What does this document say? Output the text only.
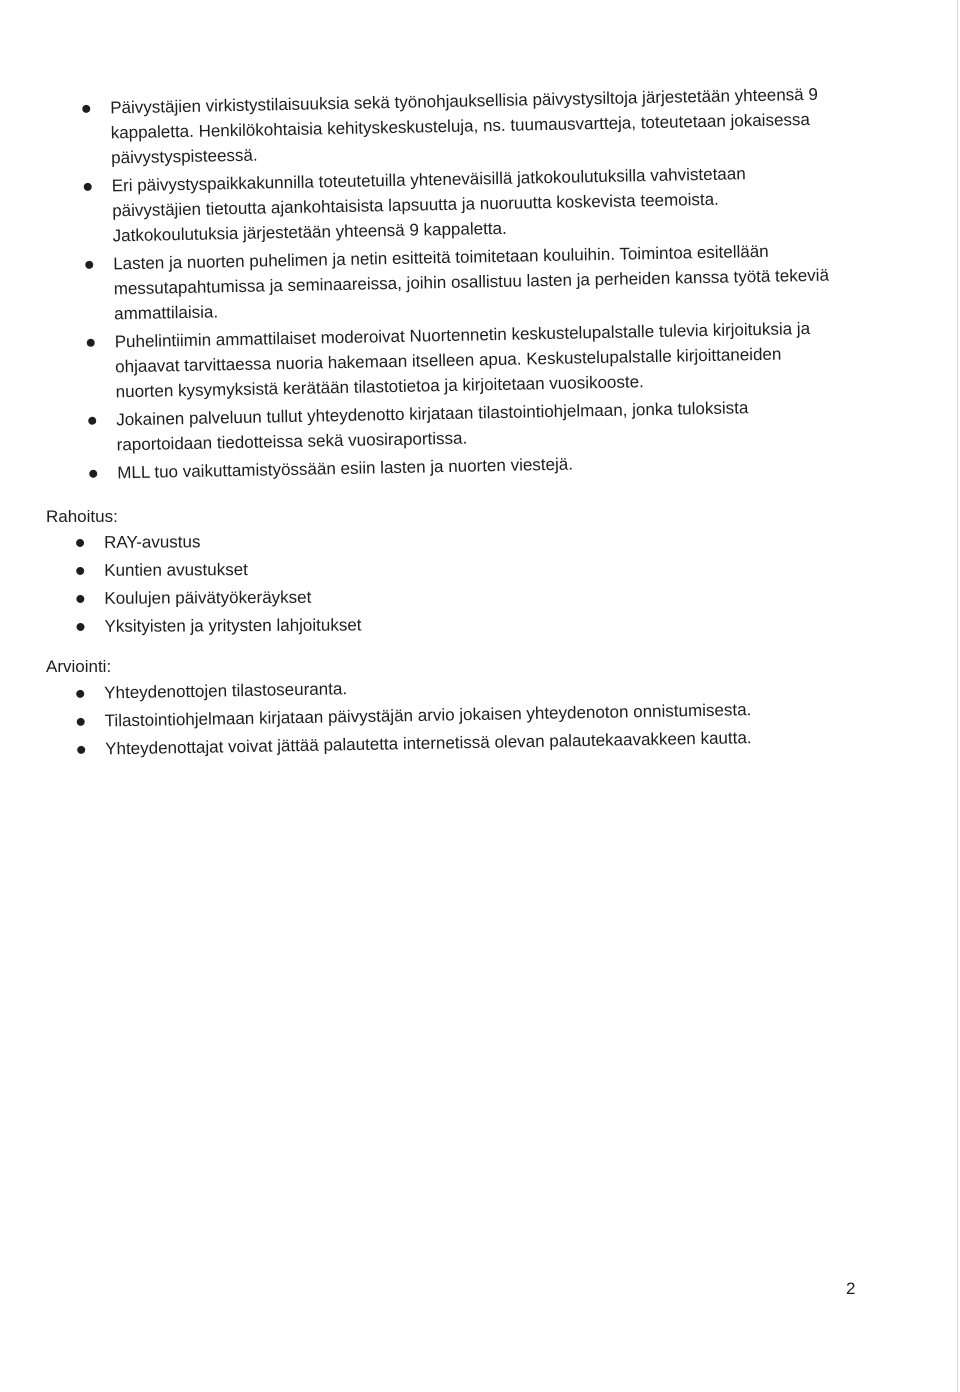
Päivystäjien virkistystilaisuuksia sekä työnohjauksellisia päivystysiltoja järjestetään yhteensä 9 kappaletta. Henkilökohtaisia kehityskeskusteluja, ns. tuumausvartteja, toteutetaan jokaisessa päivystyspisteessä.
Eri päivystyspaikkakunnilla toteutetuilla yhteneväisillä jatkokoulutuksilla vahvistetaan päivystäjien tietoutta ajankohtaisista lapsuutta ja nuoruutta koskevista teemoista. Jatkokoulutuksia järjestetään yhteensä 9 kappaletta.
Lasten ja nuorten puhelimen ja netin esitteitä toimitetaan kouluihin. Toimintoa esitellään messutapahtumissa ja seminaareissa, joihin osallistuu lasten ja perheiden kanssa työtä tekeviä ammattilaisia.
Puhelintiimin ammattilaiset moderoivat Nuortennetin keskustelupalstalle tulevia kirjoituksia ja ohjaavat tarvittaessa nuoria hakemaan itselleen apua. Keskustelupalstalle kirjoittaneiden nuorten kysymyksistä kerätään tilastotietoa ja kirjoitetaan vuosikooste.
Jokainen palveluun tullut yhteydenotto kirjataan tilastointiohjelmaan, jonka tuloksista raportoidaan tiedotteissa sekä vuosiraportissa.
MLL tuo vaikuttamistyössään esiin lasten ja nuorten viestejä.
Rahoitus:
RAY-avustus
Kuntien avustukset
Koulujen päivätyökeräykset
Yksityisten ja yritysten lahjoitukset
Arviointi:
Yhteydenottojen tilastoseuranta.
Tilastointiohjelmaan kirjataan päivystäjän arvio jokaisen yhteydenoton onnistumisesta.
Yhteydenottajat voivat jättää palautetta internetissä olevan palautekaavakkeen kautta.
2
